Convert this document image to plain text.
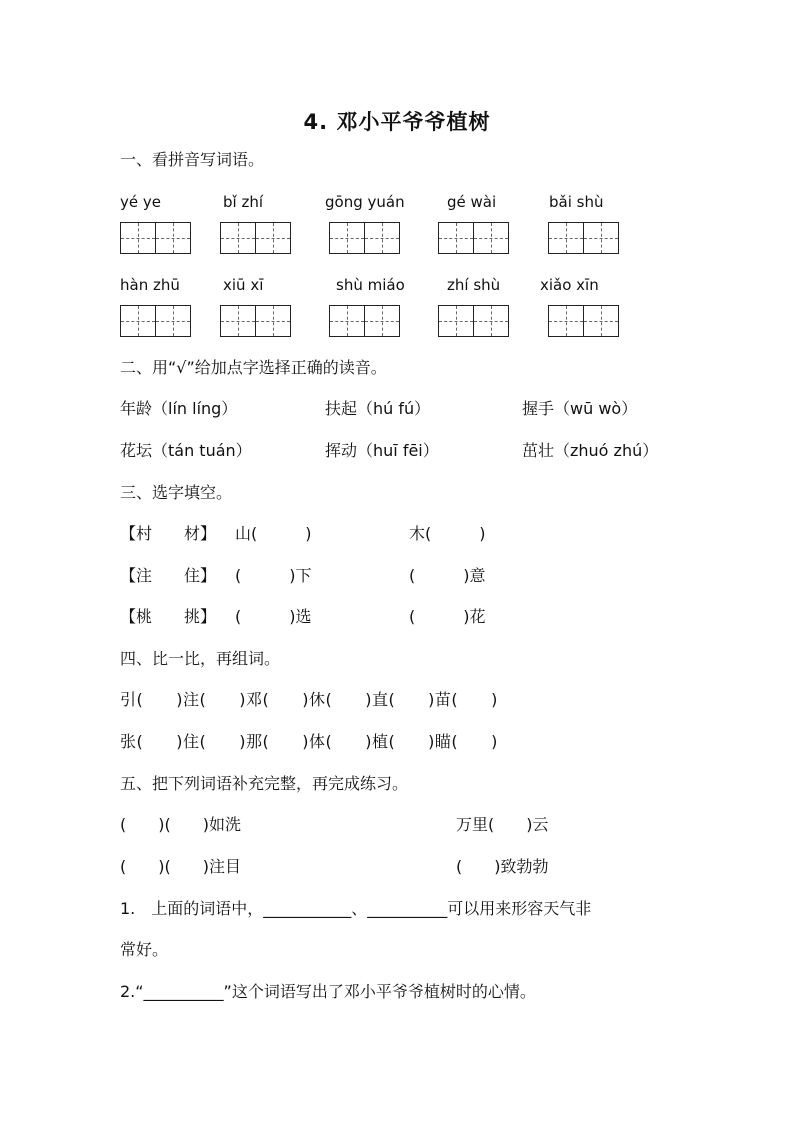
4. 邓小平爷爷植树
一、看拼音写词语。
yé ye	bǐ zhí	gōng yuán	gé wài	bǎi shù
hàn zhū	xiū xī	shù miáo	zhí shù	xiǎo xīn
二、用“√”给加点字选择正确的读音。
年龄（lín líng）	扶起（hú fú）	握手（wū wò）
花坛（tán tuán）	挥动（huī fēi）	茁壮（zhuó zhú）
三、选字填空。
【村　　材】 山(　　　)	木(　　　)
【注　　住】 (　　　)下	(　　　)意
【桃　　挑】 (　　　)选	(　　　)花
四、比一比，再组词。
引(　　)注(　　)邓(　　)休(　　)直(　　)苗(　　)
张(　　)住(　　)那(　　)体(　　)植(　　)瞄(　　)
五、把下列词语补充完整，再完成练习。
(　　)(　　)如洗	万里(　　)云
(　　)(　　)注目	(　　)致勃勃
1.　上面的词语中，___________、__________可以用来形容天气非
常好。
2.“__________”这个词语写出了邓小平爷爷植树时的心情。
